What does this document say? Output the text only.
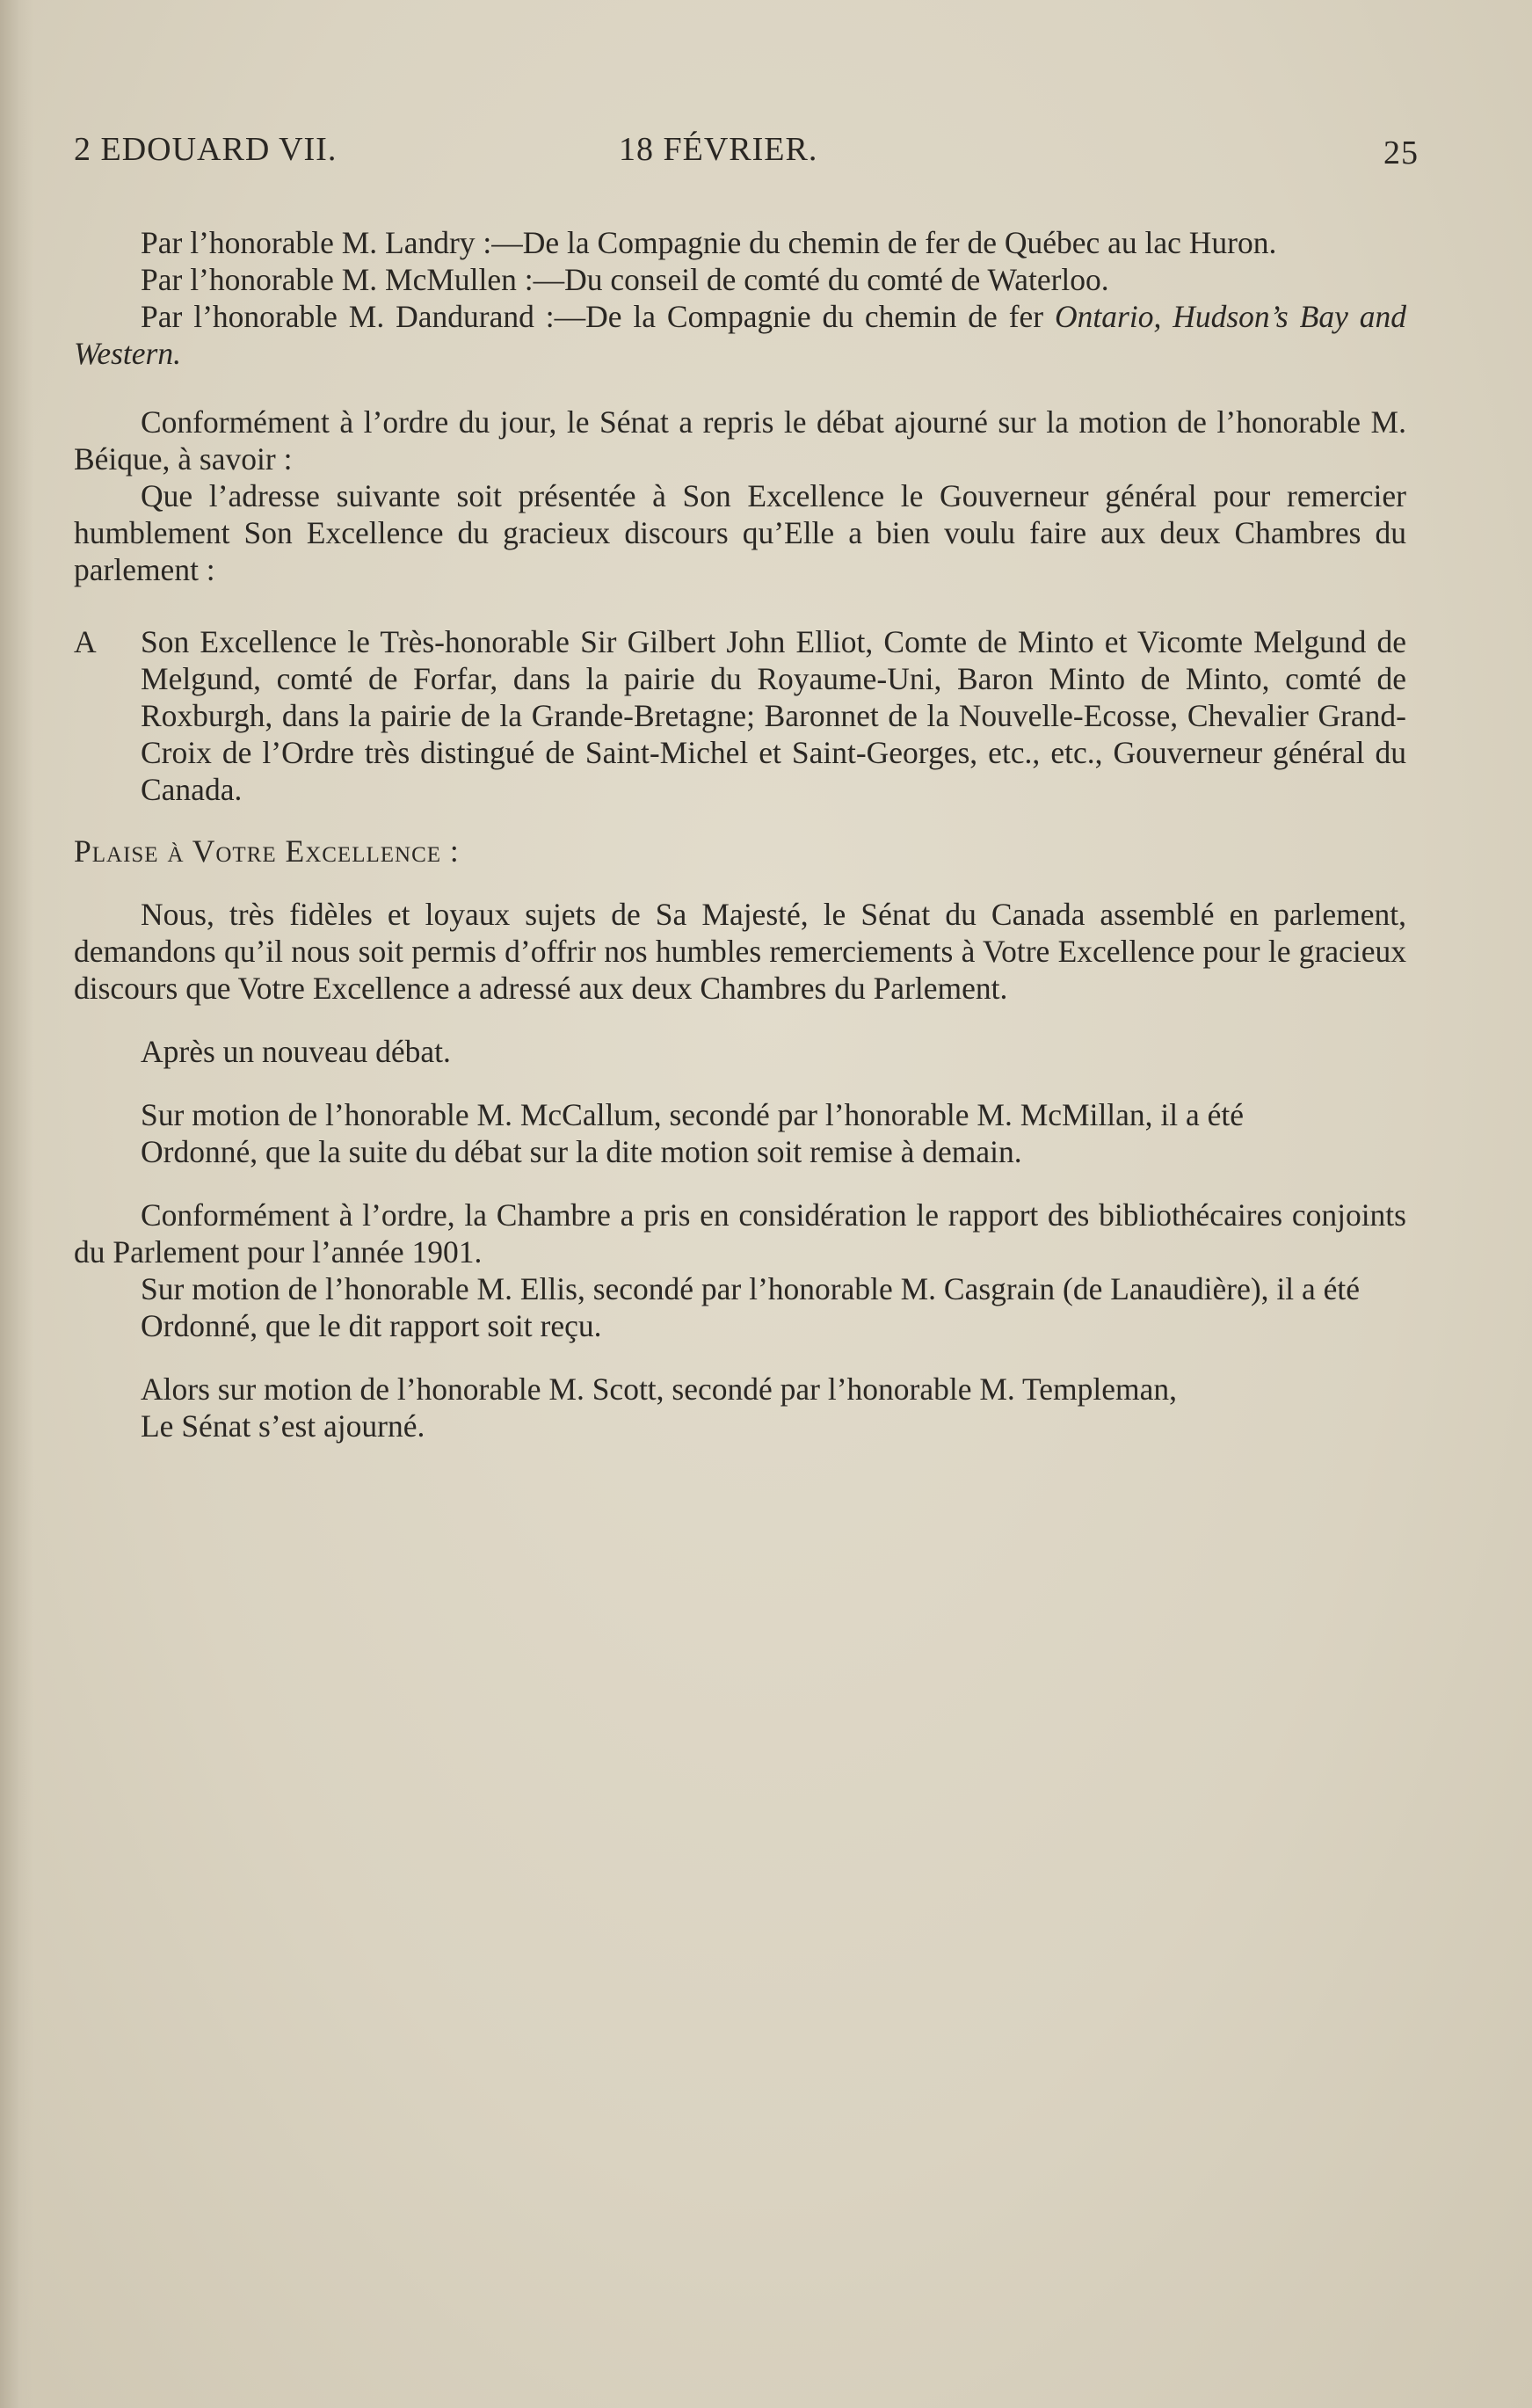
2 EDOUARD VII.	18 FÉVRIER.	25

Par l’honorable M. Landry :—De la Compagnie du chemin de fer de Québec au lac Huron.

Par l’honorable M. McMullen :—Du conseil de comté du comté de Waterloo.

Par l’honorable M. Dandurand :—De la Compagnie du chemin de fer Ontario, Hudson’s Bay and Western.

Conformément à l’ordre du jour, le Sénat a repris le débat ajourné sur la motion de l’honorable M. Béique, à savoir :

Que l’adresse suivante soit présentée à Son Excellence le Gouverneur général pour remercier humblement Son Excellence du gracieux discours qu’Elle a bien voulu faire aux deux Chambres du parlement :

A Son Excellence le Très-honorable Sir Gilbert John Elliot, Comte de Minto et Vicomte Melgund de Melgund, comté de Forfar, dans la pairie du Royaume-Uni, Baron Minto de Minto, comté de Roxburgh, dans la pairie de la Grande-Bretagne; Baronnet de la Nouvelle-Ecosse, Chevalier Grand-Croix de l’Ordre très distingué de Saint-Michel et Saint-Georges, etc., etc., Gouverneur général du Canada.
Plaise à Votre Excellence :

Nous, très fidèles et loyaux sujets de Sa Majesté, le Sénat du Canada assemblé en parlement, demandons qu’il nous soit permis d’offrir nos humbles remerciements à Votre Excellence pour le gracieux discours que Votre Excellence a adressé aux deux Chambres du Parlement.

Après un nouveau débat.

Sur motion de l’honorable M. McCallum, secondé par l’honorable M. McMillan, il a été

Ordonné, que la suite du débat sur la dite motion soit remise à demain.

Conformément à l’ordre, la Chambre a pris en considération le rapport des bibliothécaires conjoints du Parlement pour l’année 1901.

Sur motion de l’honorable M. Ellis, secondé par l’honorable M. Casgrain (de Lanaudière), il a été

Ordonné, que le dit rapport soit reçu.

Alors sur motion de l’honorable M. Scott, secondé par l’honorable M. Templeman,

Le Sénat s’est ajourné.
